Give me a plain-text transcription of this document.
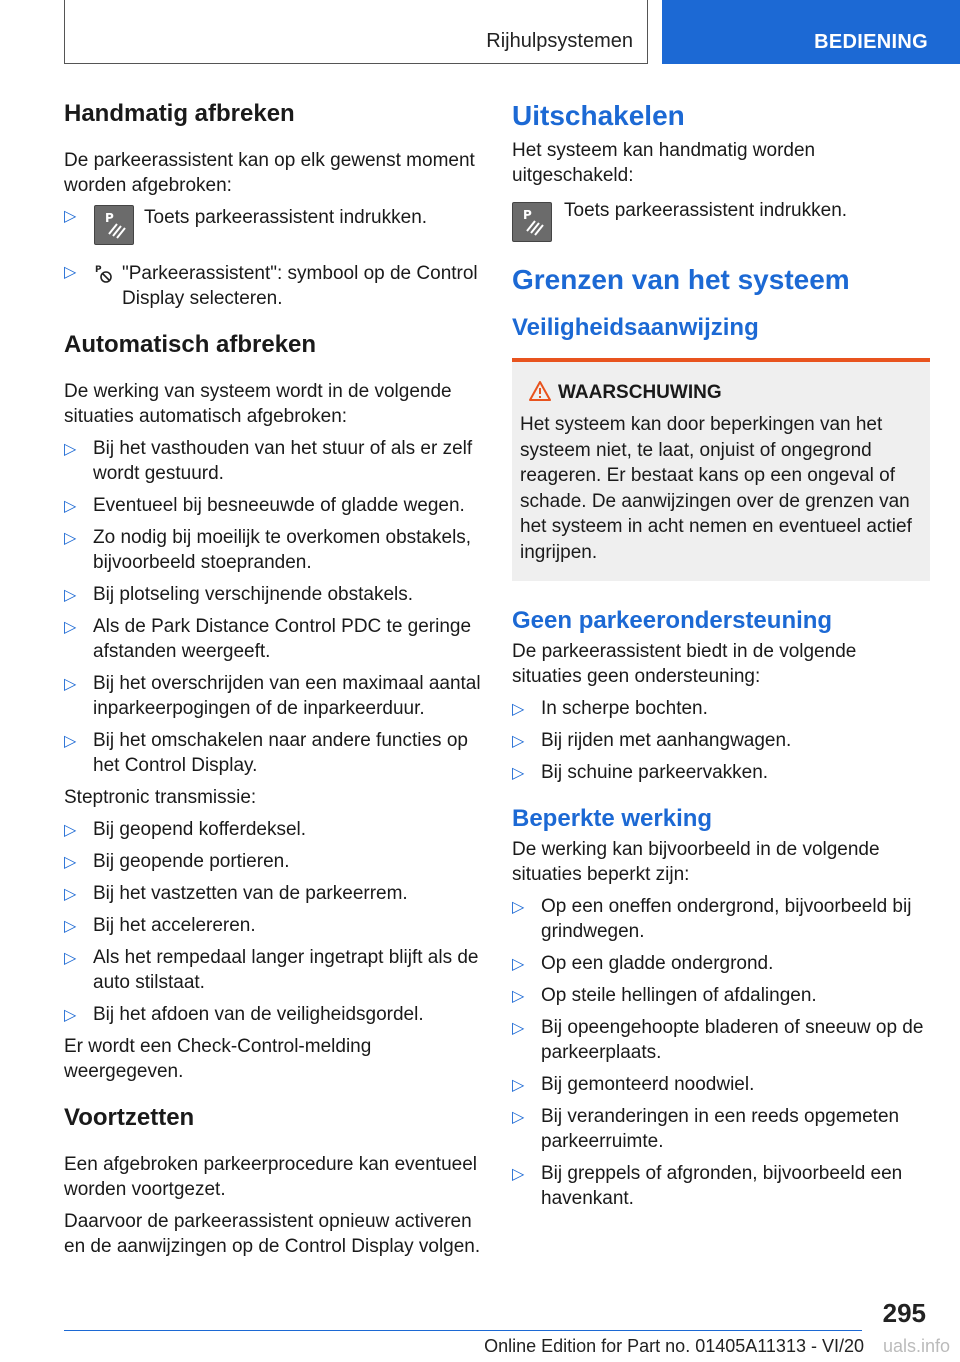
Rijhulpsystemen	BEDIENING
Handmatig afbreken

De parkeerassistent kan op elk gewenst moment worden afgebroken:

▷ P Toets parkeerassistent indrukken.

▷ P "Parkeerassistent": symbool op de Control Display selecteren.

Automatisch afbreken

De werking van systeem wordt in de volgende situaties automatisch afgebroken:

▷ Bij het vasthouden van het stuur of als er zelf wordt gestuurd.
▷ Eventueel bij besneeuwde of gladde wegen.
▷ Zo nodig bij moeilijk te overkomen obstakels, bijvoorbeeld stoepranden.
▷ Bij plotseling verschijnende obstakels.
▷ Als de Park Distance Control PDC te geringe afstanden weergeeft.
▷ Bij het overschrijden van een maximaal aantal inparkeerpogingen of de inparkeerduur.
▷ Bij het omschakelen naar andere functies op het Control Display.

Steptronic transmissie:

▷ Bij geopend kofferdeksel.
▷ Bij geopende portieren.
▷ Bij het vastzetten van de parkeerrem.
▷ Bij het accelereren.
▷ Als het rempedaal langer ingetrapt blijft als de auto stilstaat.
▷ Bij het afdoen van de veiligheidsgordel.

Er wordt een Check-Control-melding weergegeven.

Voortzetten

Een afgebroken parkeerprocedure kan eventueel worden voortgezet.

Daarvoor de parkeerassistent opnieuw activeren en de aanwijzingen op de Control Display volgen.

Uitschakelen

Het systeem kan handmatig worden uitgeschakeld:

P Toets parkeerassistent indrukken.

Grenzen van het systeem
Veiligheidsaanwijzing
WAARSCHUWING

Het systeem kan door beperkingen van het systeem niet, te laat, onjuist of ongegrond reageren. Er bestaat kans op een ongeval of schade. De aanwijzingen over de grenzen van het systeem in acht nemen en eventueel actief ingrijpen.

Geen parkeerondersteuning

De parkeerassistent biedt in de volgende situaties geen ondersteuning:

▷ In scherpe bochten.
▷ Bij rijden met aanhangwagen.
▷ Bij schuine parkeervakken.
Beperkte werking

De werking kan bijvoorbeeld in de volgende situaties beperkt zijn:

▷ Op een oneffen ondergrond, bijvoorbeeld bij grindwegen.
▷ Op een gladde ondergrond.
▷ Op steile hellingen of afdalingen.
▷ Bij opeengehoopte bladeren of sneeuw op de parkeerplaats.
▷ Bij gemonteerd noodwiel.
▷ Bij veranderingen in een reeds opgemeten parkeerruimte.
▷ Bij greppels of afgronden, bijvoorbeeld een havenkant.
295
Online Edition for Part no. 01405A11313 - VI/20 uals.info
